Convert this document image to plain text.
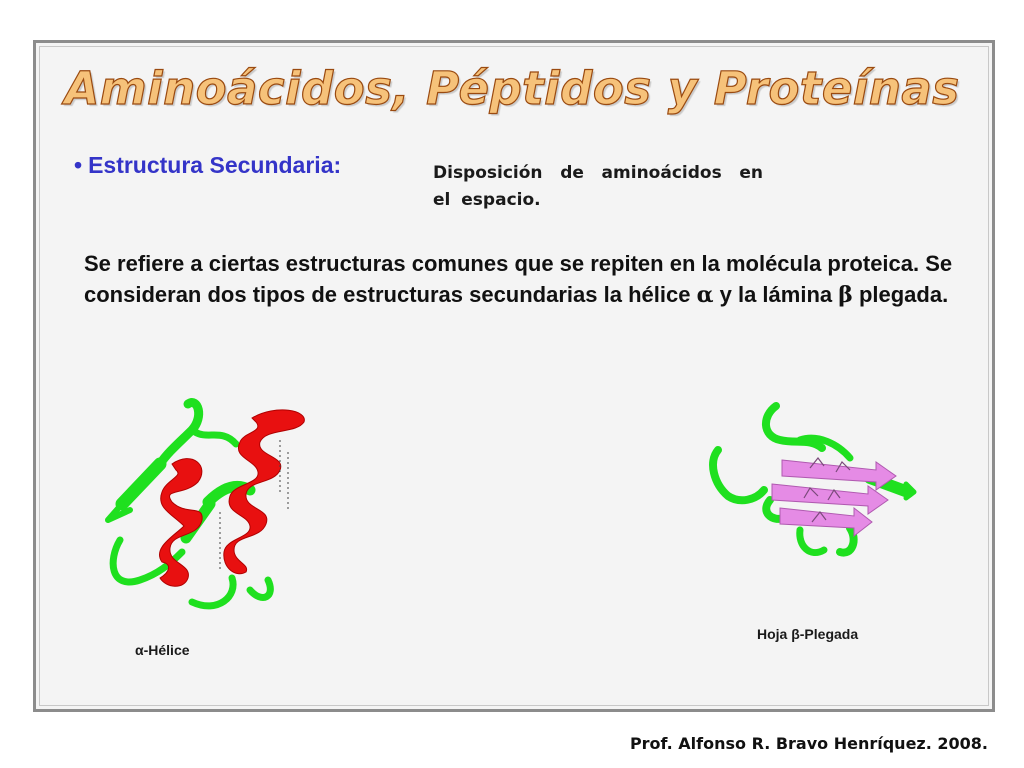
Aminoácidos, Péptidos y Proteínas
• Estructura Secundaria:	Disposición de aminoácidos en el espacio.
Se refiere a ciertas estructuras comunes que se repiten en la molécula proteica. Se consideran dos tipos de estructuras secundarias la hélice α y la lámina β plegada.
α-Hélice
Hoja β-Plegada
Prof. Alfonso R. Bravo Henríquez. 2008.
